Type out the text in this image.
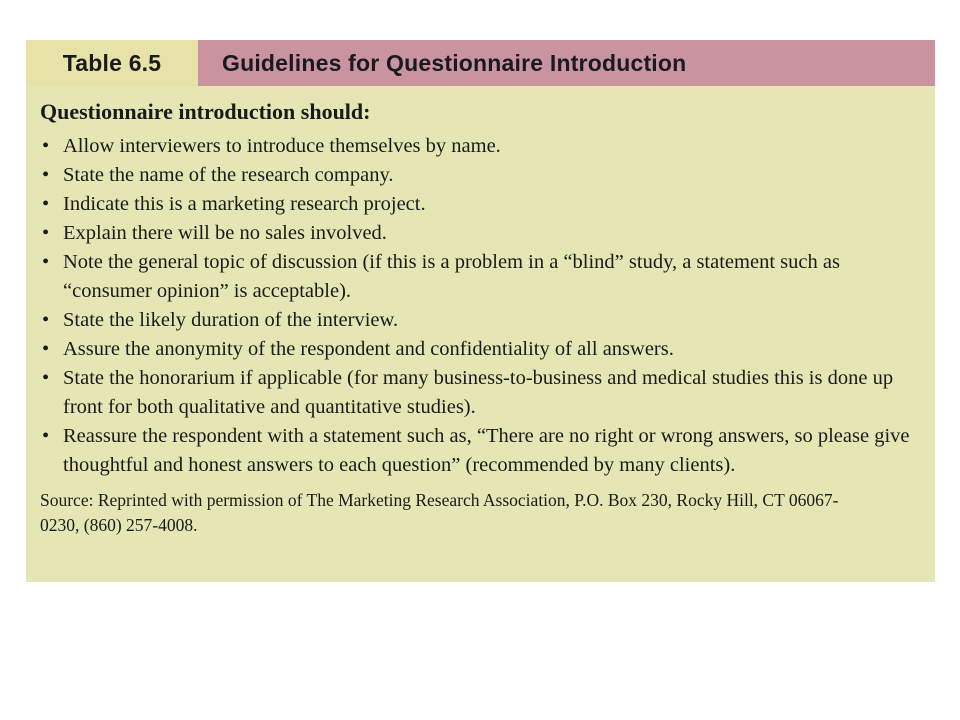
Table 6.5	Guidelines for Questionnaire Introduction

Questionnaire introduction should:

• Allow interviewers to introduce themselves by name.
• State the name of the research company.
• Indicate this is a marketing research project.
• Explain there will be no sales involved.
• Note the general topic of discussion (if this is a problem in a “blind” study, a statement such as “consumer opinion” is acceptable).
• State the likely duration of the interview.
• Assure the anonymity of the respondent and confidentiality of all answers.
• State the honorarium if applicable (for many business-to-business and medical studies this is done up front for both qualitative and quantitative studies).
• Reassure the respondent with a statement such as, “There are no right or wrong answers, so please give thoughtful and honest answers to each question” (recommended by many clients).

Source: Reprinted with permission of The Marketing Research Association, P.O. Box 230, Rocky Hill, CT 06067-0230, (860) 257-4008.
